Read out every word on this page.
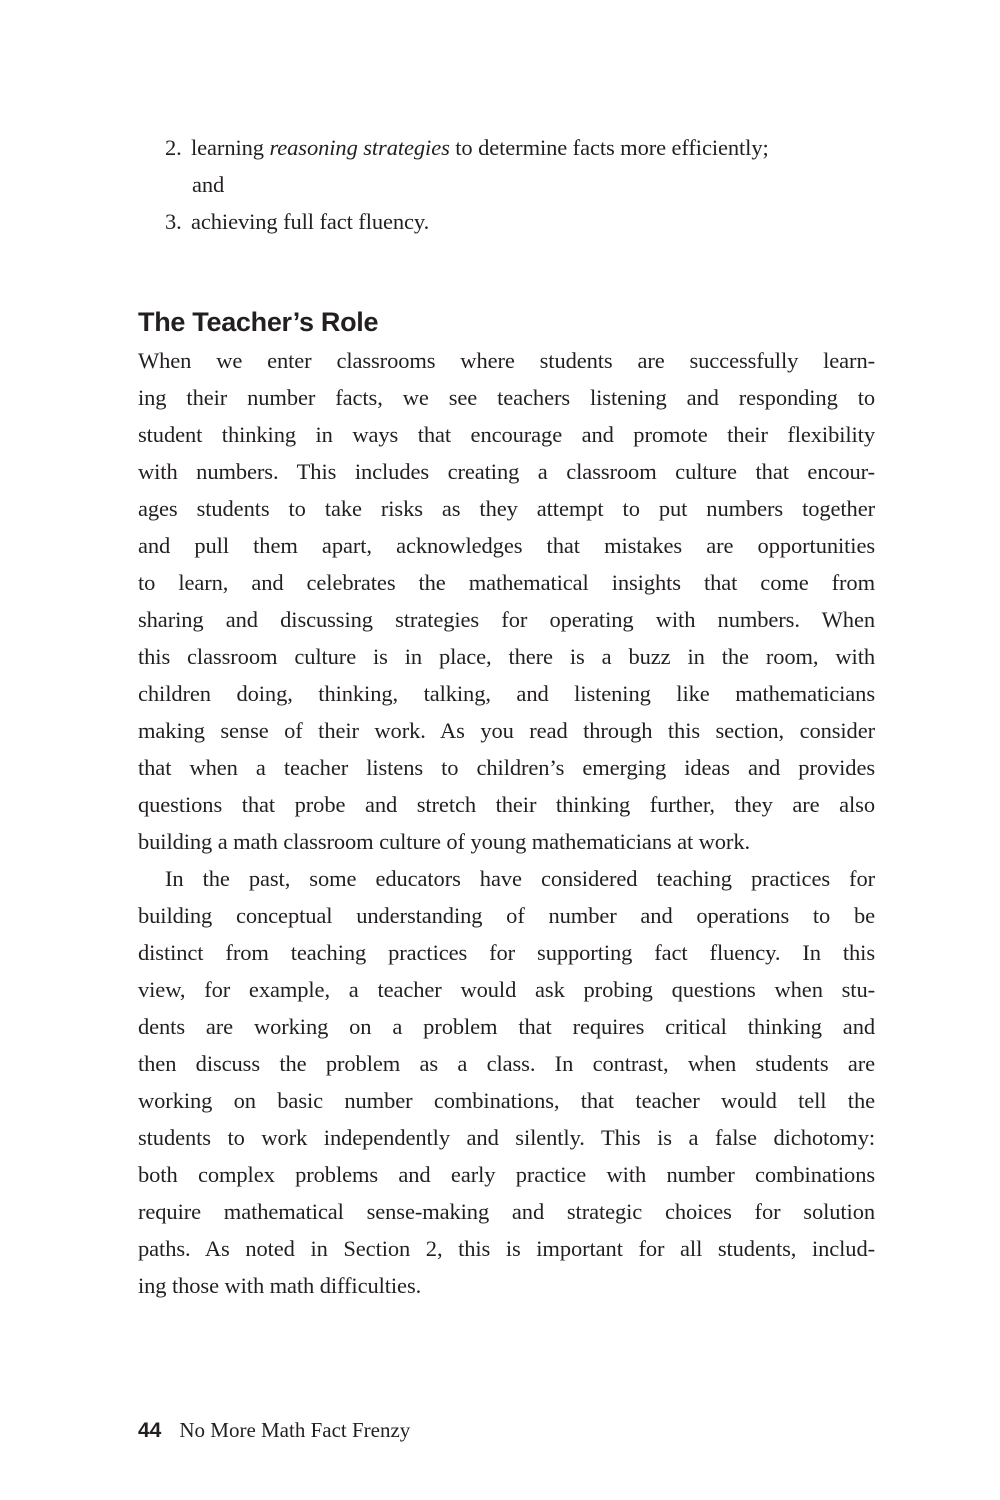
2. learning reasoning strategies to determine facts more efficiently;
and
3. achieving full fact fluency.
The Teacher’s Role
When we enter classrooms where students are successfully learn-
ing their number facts, we see teachers listening and responding to
student thinking in ways that encourage and promote their flexibility
with numbers. This includes creating a classroom culture that encour-
ages students to take risks as they attempt to put numbers together
and pull them apart, acknowledges that mistakes are opportunities
to learn, and celebrates the mathematical insights that come from
sharing and discussing strategies for operating with numbers. When
this classroom culture is in place, there is a buzz in the room, with
children doing, thinking, talking, and listening like mathematicians
making sense of their work. As you read through this section, consider
that when a teacher listens to children’s emerging ideas and provides
questions that probe and stretch their thinking further, they are also
building a math classroom culture of young mathematicians at work.
In the past, some educators have considered teaching practices for
building conceptual understanding of number and operations to be
distinct from teaching practices for supporting fact fluency. In this
view, for example, a teacher would ask probing questions when stu-
dents are working on a problem that requires critical thinking and
then discuss the problem as a class. In contrast, when students are
working on basic number combinations, that teacher would tell the
students to work independently and silently. This is a false dichotomy:
both complex problems and early practice with number combinations
require mathematical sense-making and strategic choices for solution
paths. As noted in Section 2, this is important for all students, includ-
ing those with math difficulties.
44 No More Math Fact Frenzy
